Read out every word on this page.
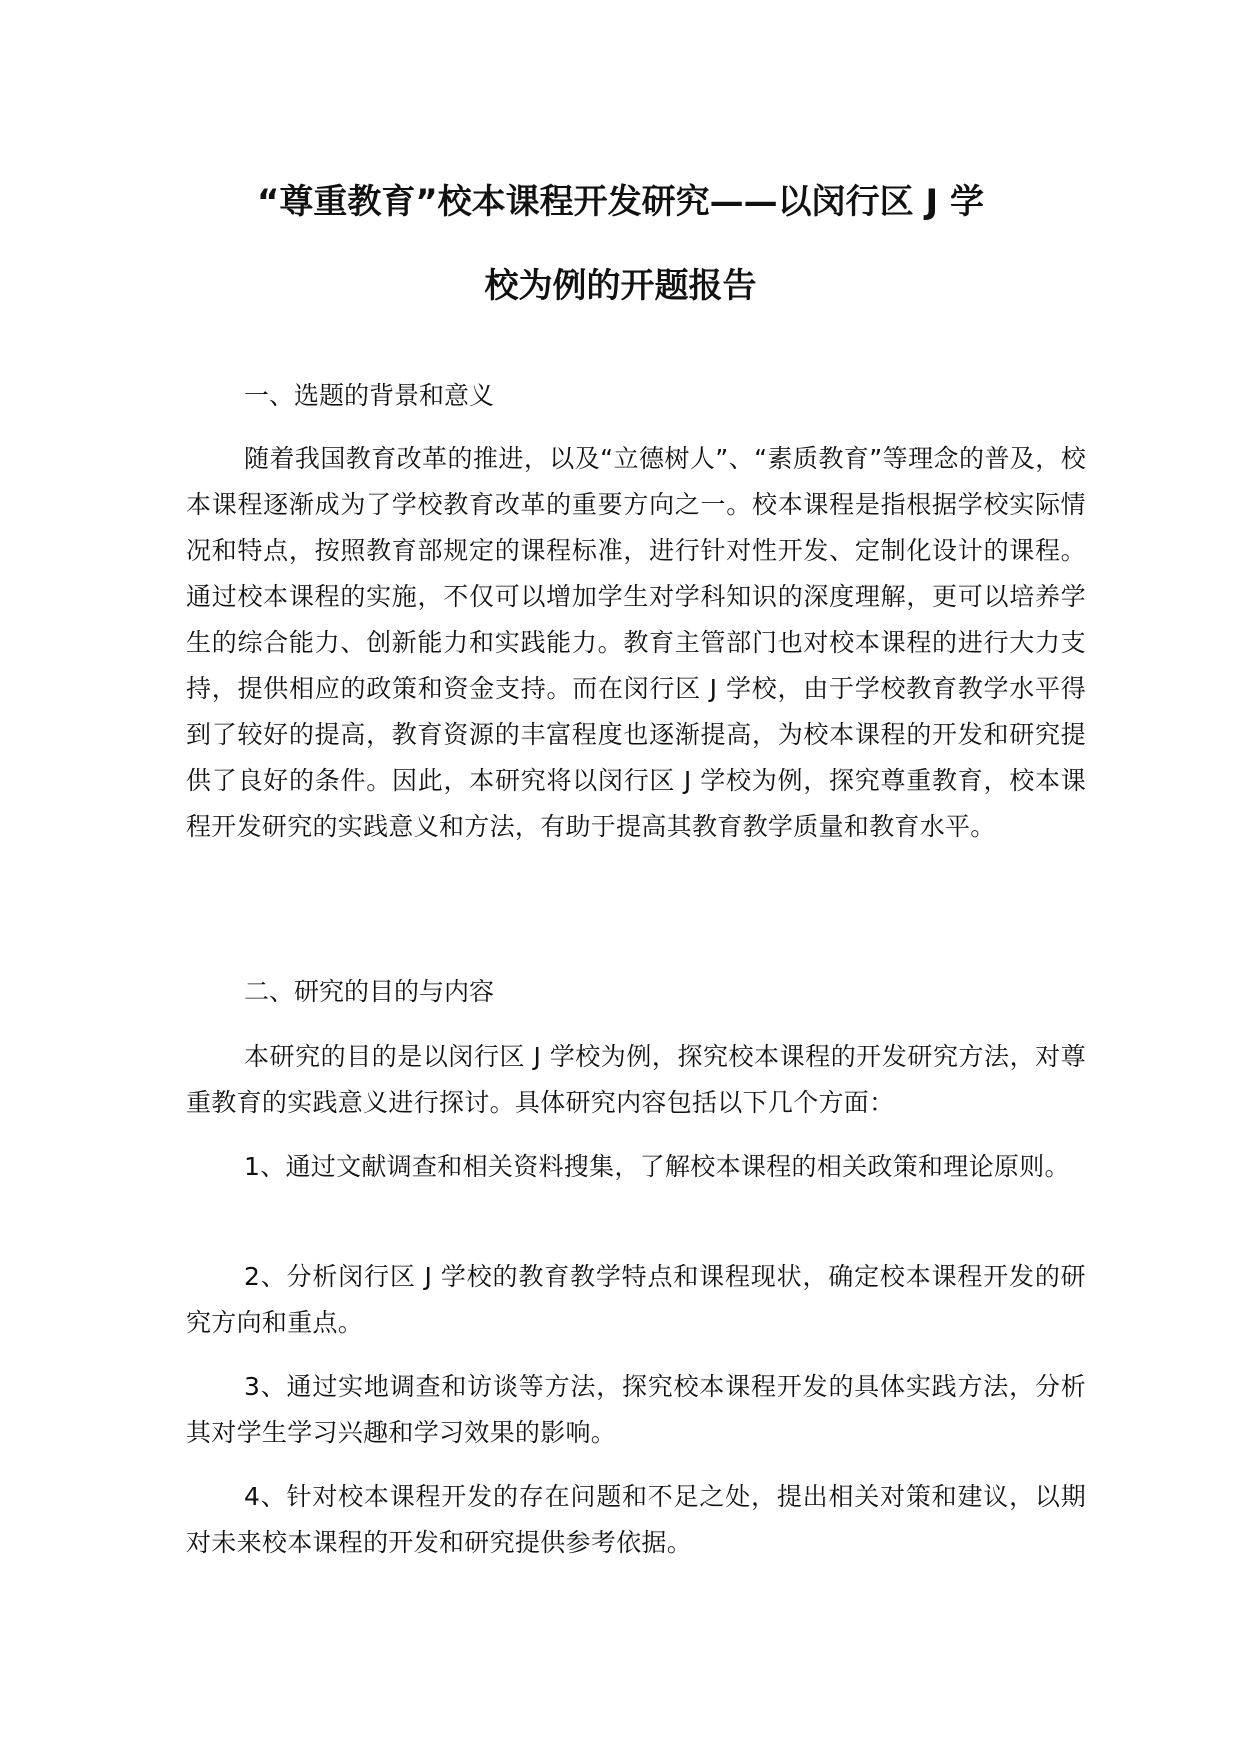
“尊重教育”校本课程开发研究——以闵行区 J 学
校为例的开题报告

一、选题的背景和意义

随着我国教育改革的推进，以及“立德树人”、“素质教育”等理念的普及，校本课程逐渐成为了学校教育改革的重要方向之一。校本课程是指根据学校实际情况和特点，按照教育部规定的课程标准，进行针对性开发、定制化设计的课程。通过校本课程的实施，不仅可以增加学生对学科知识的深度理解，更可以培养学生的综合能力、创新能力和实践能力。教育主管部门也对校本课程的进行大力支持，提供相应的政策和资金支持。而在闵行区 J 学校，由于学校教育教学水平得到了较好的提高，教育资源的丰富程度也逐渐提高，为校本课程的开发和研究提供了良好的条件。因此，本研究将以闵行区 J 学校为例，探究尊重教育，校本课程开发研究的实践意义和方法，有助于提高其教育教学质量和教育水平。

二、研究的目的与内容

本研究的目的是以闵行区 J 学校为例，探究校本课程的开发研究方法，对尊重教育的实践意义进行探讨。具体研究内容包括以下几个方面：

1、通过文献调查和相关资料搜集，了解校本课程的相关政策和理论原则。

2、分析闵行区 J 学校的教育教学特点和课程现状，确定校本课程开发的研究方向和重点。

3、通过实地调查和访谈等方法，探究校本课程开发的具体实践方法，分析其对学生学习兴趣和学习效果的影响。

4、针对校本课程开发的存在问题和不足之处，提出相关对策和建议，以期对未来校本课程的开发和研究提供参考依据。
